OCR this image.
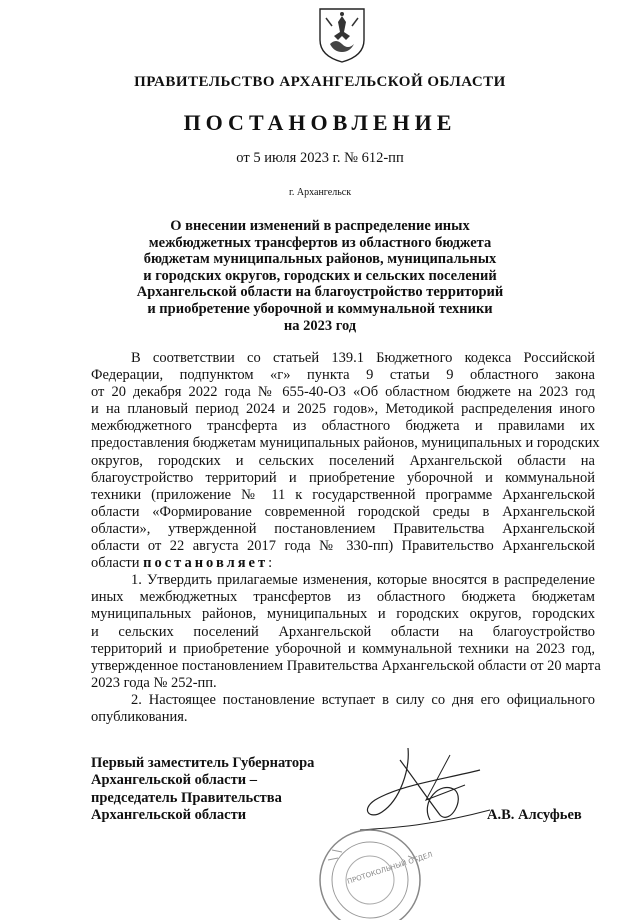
ПРАВИТЕЛЬСТВО АРХАНГЕЛЬСКОЙ ОБЛАСТИ
ПОСТАНОВЛЕНИЕ
от 5 июля 2023 г. № 612-пп
г. Архангельск
О внесении изменений в распределение иных
межбюджетных трансфертов из областного бюджета
бюджетам муниципальных районов, муниципальных
и городских округов, городских и сельских поселений
Архангельской области на благоустройство территорий
и приобретение уборочной и коммунальной техники
на 2023 год
В соответствии со статьей 139.1 Бюджетного кодекса Российской
Федерации, подпунктом «г» пункта 9 статьи 9 областного закона
от 20 декабря 2022 года № 655-40-ОЗ «Об областном бюджете на 2023 год
и на плановый период 2024 и 2025 годов», Методикой распределения иного
межбюджетного трансферта из областного бюджета и правилами их
предоставления бюджетам муниципальных районов, муниципальных и городских
округов, городских и сельских поселений Архангельской области на
благоустройство территорий и приобретение уборочной и коммунальной
техники (приложение № 11 к государственной программе Архангельской
области «Формирование современной городской среды в Архангельской
области», утвержденной постановлением Правительства Архангельской
области от 22 августа 2017 года № 330-пп) Правительство Архангельской
области постановляет:
1. Утвердить прилагаемые изменения, которые вносятся в распределение
иных межбюджетных трансфертов из областного бюджета бюджетам
муниципальных районов, муниципальных и городских округов, городских
и сельских поселений Архангельской области на благоустройство
территорий и приобретение уборочной и коммунальной техники на 2023 год,
утвержденное постановлением Правительства Архангельской области от 20 марта
2023 года № 252-пп.
2. Настоящее постановление вступает в силу со дня его официального
опубликования.
Первый заместитель Губернатора
Архангельской области –
председатель Правительства
Архангельской области	А.В. Алсуфьев
ПРОТОКОЛЬНЫЙ ОТДЕЛ
